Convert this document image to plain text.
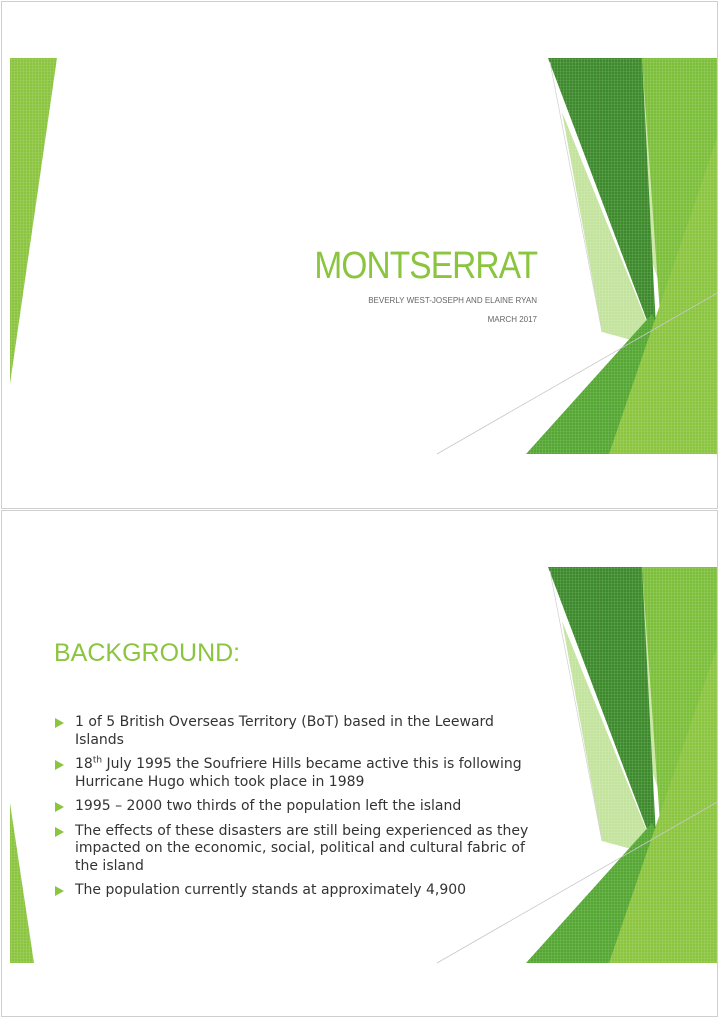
MONTSERRAT

BEVERLY WEST-JOSEPH AND ELAINE RYAN

MARCH 2017

BACKGROUND:
1 of 5 British Overseas Territory (BoT) based in the Leeward Islands
18th July 1995 the Soufriere Hills became active this is following Hurricane Hugo which took place in 1989
1995 – 2000 two thirds of the population left the island
The effects of these disasters are still being experienced as they impacted on the economic, social, political and cultural fabric of the island
The population currently stands at approximately 4,900
